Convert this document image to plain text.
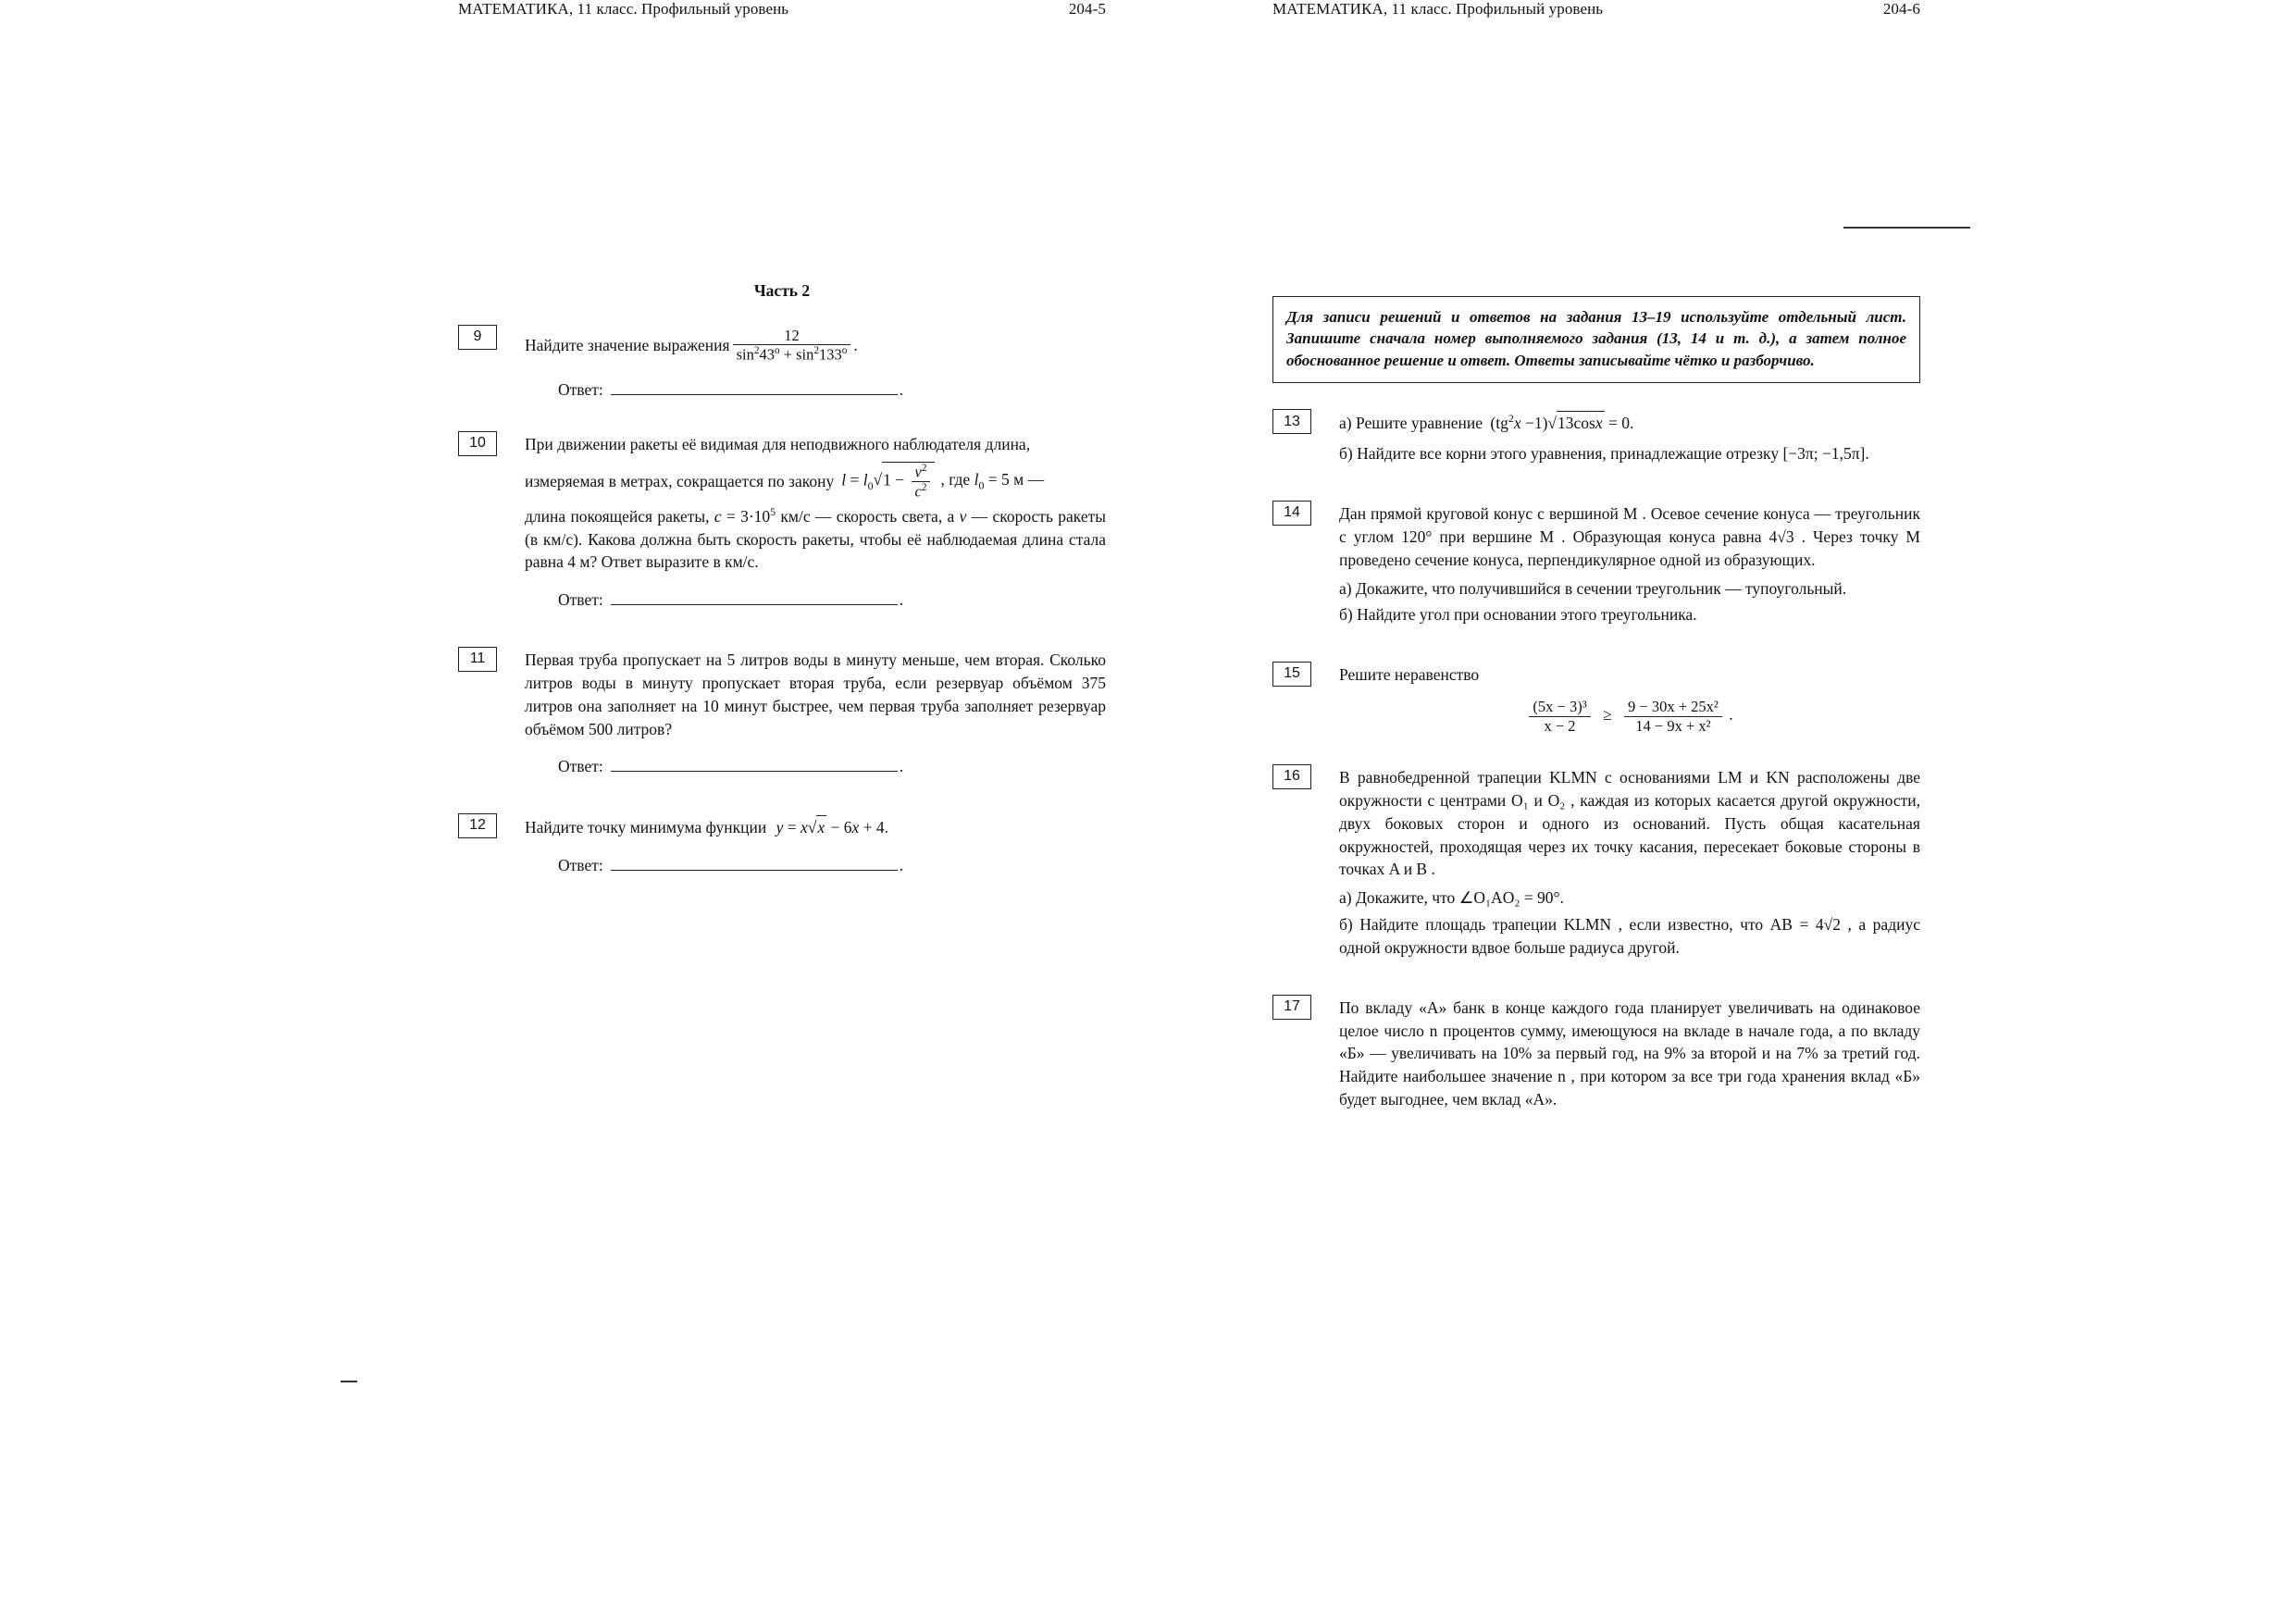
МАТЕМАТИКА, 11 класс. Профильный уровень	204-5
Часть 2
9	Найдите значение выражения $\frac{12}{\sin^243^o + \sin^2133^o}$ .
Ответ:	.
10	При движении ракеты её видимая для неподвижного наблюдателя длина,

измеряемая в метрах, сокращается по закону $l = l_0√1 - \frac{v^2}{c^2}$ , где $l_0 = 5$ м —

длина покоящейся ракеты, $c = 3\cdot 10^5$ км/с — скорость света, а v — скорость ракеты (в км/с). Какова должна быть скорость ракеты, чтобы её наблюдаемая длина стала равна 4 м? Ответ выразите в км/с.

Ответ:	.
11	Первая труба пропускает на 5 литров воды в минуту меньше, чем вторая. Сколько литров воды в минуту пропускает вторая труба, если резервуар объёмом 375 литров она заполняет на 10 минут быстрее, чем первая труба заполняет резервуар объёмом 500 литров?

Ответ:	.
12	Найдите точку минимума функции y = x√x − 6x + 4.

Ответ:	.
МАТЕМАТИКА, 11 класс. Профильный уровень	204-6
Для записи решений и ответов на задания 13–19 используйте отдельный лист. Запишите сначала номер выполняемого задания (13, 14 и т. д.), а затем полное обоснованное решение и ответ. Ответы записывайте чётко и разборчиво.
13	а) Решите уравнение $(tg^2x -1)√13\cos x = 0$.

б) Найдите все корни этого уравнения, принадлежащие отрезку [−3π; −1,5π].

14	Дан прямой круговой конус с вершиной M . Осевое сечение конуса — треугольник с углом 120° при вершине M . Образующая конуса равна 4√3 . Через точку M проведено сечение конуса, перпендикулярное одной из образующих.

а) Докажите, что получившийся в сечении треугольник — тупоугольный.

б) Найдите угол при основании этого треугольника.

15	Решите неравенство

$\frac{\text{(5x − 3)³}}{x - 2} \ge \frac{\text{9 − 30x + 25x²}}{\text{14 − 9x + x²}}$ .
16	В равнобедренной трапеции KLMN с основаниями LM и KN расположены две окружности с центрами O₁ и O₂ , каждая из которых касается другой окружности, двух боковых сторон и одного из оснований. Пусть общая касательная окружностей, проходящая через их точку касания, пересекает боковые стороны в точках A и B .

а) Докажите, что ∠O₁AO₂ = 90°.

б) Найдите площадь трапеции KLMN , если известно, что AB = 4√2 , а радиус одной окружности вдвое больше радиуса другой.

17	По вкладу «А» банк в конце каждого года планирует увеличивать на одинаковое целое число n процентов сумму, имеющуюся на вкладе в начале года, а по вкладу «Б» — увеличивать на 10% за первый год, на 9% за второй и на 7% за третий год. Найдите наибольшее значение n , при котором за все три года хранения вклад «Б» будет выгоднее, чем вклад «А».
